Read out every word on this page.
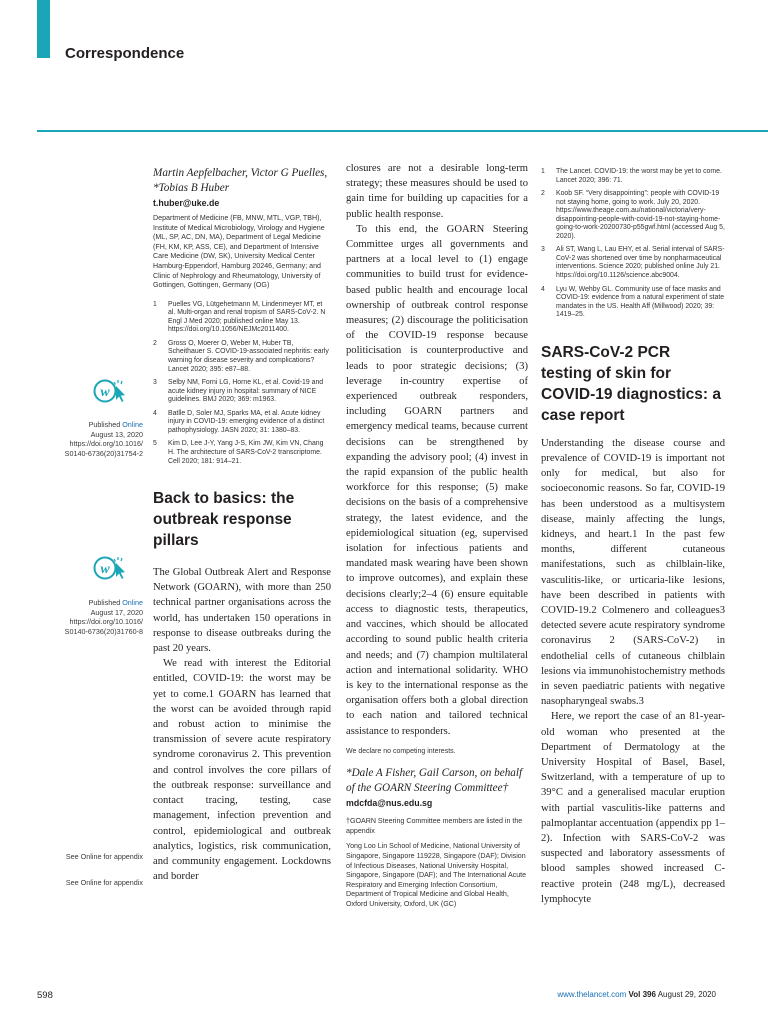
Correspondence
w
Published Online
August 13, 2020
https://doi.org/10.1016/
S0140-6736(20)31754-2
w
Published Online
August 17, 2020
https://doi.org/10.1016/
S0140-6736(20)31760-8
See Online for appendix
See Online for appendix
Martin Aepfelbacher, Victor G Puelles,
*Tobias B Huber
t.huber@uke.de
Department of Medicine (FB, MNW, MTL, VGP, TBH), Institute of Medical Microbiology, Virology and Hygiene (ML, SP, AC, DN, MA), Department of Legal Medicine (FH, KM, KP, ASS, CE), and Department of Intensive Care Medicine (DW, SK), University Medical Center Hamburg-Eppendorf, Hamburg 20246, Germany; and Clinic of Nephrology and Rheumatology, University of Gottingen, Gottingen, Germany (OG)
1 Puelles VG, Lütgehetmann M, Lindenmeyer MT, et al. Multi-organ and renal tropism of SARS-CoV-2. N Engl J Med 2020; published online May 13. https://doi.org/10.1056/NEJMc2011400.
2 Gross O, Moerer O, Weber M, Huber TB, Scheithauer S. COVID-19-associated nephritis: early warning for disease severity and complications? Lancet 2020; 395: e87–88.
3 Selby NM, Forni LG, Horne KL, et al. Covid-19 and acute kidney injury in hospital: summary of NICE guidelines. BMJ 2020; 369: m1963.
4 Batlle D, Soler MJ, Sparks MA, et al. Acute kidney injury in COVID-19: emerging evidence of a distinct pathophysiology. JASN 2020; 31: 1380–83.
5 Kim D, Lee J-Y, Yang J-S, Kim JW, Kim VN, Chang H. The architecture of SARS-CoV-2 transcriptome. Cell 2020; 181: 914–21.
Back to basics: the outbreak response pillars

The Global Outbreak Alert and Response Network (GOARN), with more than 250 technical partner organisations across the world, has undertaken 150 operations in response to disease outbreaks during the past 20 years.

We read with interest the Editorial entitled, COVID-19: the worst may be yet to come.1 GOARN has learned that the worst can be avoided through rapid and robust action to minimise the transmission of severe acute respiratory syndrome coronavirus 2. This prevention and control involves the core pillars of the outbreak response: surveillance and contact tracing, testing, case management, infection prevention and control, epidemiological and outbreak analytics, logistics, risk communication, and community engagement. Lockdowns and border

closures are not a desirable long-term strategy; these measures should be used to gain time for building up capacities for a public health response.

To this end, the GOARN Steering Committee urges all governments and partners at a local level to (1) engage communities to build trust for evidence-based public health and encourage local ownership of outbreak control response measures; (2) discourage the politicisation of the COVID-19 response because politicisation is counterproductive and leads to poor strategic decisions; (3) leverage in-country expertise of experienced outbreak responders, including GOARN partners and emergency medical teams, because current decisions can be strengthened by expanding the advisory pool; (4) invest in the rapid expansion of the public health workforce for this response; (5) make decisions on the basis of a comprehensive strategy, the latest evidence, and the epidemiological situation (eg, supervised isolation for infectious patients and mandated mask wearing have been shown to improve outcomes), and explain these decisions clearly;2–4 (6) ensure equitable access to diagnostic tests, therapeutics, and vaccines, which should be allocated according to sound public health criteria and needs; and (7) champion multilateral action and international solidarity. WHO is key to the international response as the organisation offers both a global direction to each nation and tailored technical assistance to responders.

We declare no competing interests.
*Dale A Fisher, Gail Carson, on behalf of the GOARN Steering Committee†
mdcfda@nus.edu.sg
†GOARN Steering Committee members are listed in the appendix
Yong Loo Lin School of Medicine, National University of Singapore, Singapore 119228, Singapore (DAF); Division of Infectious Diseases, National University Hospital, Singapore, Singapore (DAF); and The International Acute Respiratory and Emerging Infection Consortium, Department of Tropical Medicine and Global Health, Oxford University, Oxford, UK (GC)
1 The Lancet. COVID-19: the worst may be yet to come. Lancet 2020; 396: 71.
2 Koob SF. “Very disappointing”: people with COVID-19 not staying home, going to work. July 20, 2020. https://www.theage.com.au/national/victoria/very-disappointing-people-with-covid-19-not-staying-home-going-to-work-20200730-p55gwf.html (accessed Aug 5, 2020).
3 Ali ST, Wang L, Lau EHY, et al. Serial interval of SARS-CoV-2 was shortened over time by nonpharmaceutical interventions. Science 2020; published online July 21. https://doi.org/10.1126/science.abc9004.
4 Lyu W, Wehby GL. Community use of face masks and COVID-19: evidence from a natural experiment of state mandates in the US. Health Aff (Millwood) 2020; 39: 1419–25.
SARS-CoV-2 PCR testing of skin for COVID-19 diagnostics: a case report

Understanding the disease course and prevalence of COVID-19 is important not only for medical, but also for socioeconomic reasons. So far, COVID-19 has been understood as a multisystem disease, mainly affecting the lungs, kidneys, and heart.1 In the past few months, different cutaneous manifestations, such as chilblain-like, vasculitis-like, or urticaria-like lesions, have been described in patients with COVID-19.2 Colmenero and colleagues3 detected severe acute respiratory syndrome coronavirus 2 (SARS-CoV-2) in endothelial cells of cutaneous chilblain lesions via immunohistochemistry methods in seven paediatric patients with negative nasopharyngeal swabs.3

Here, we report the case of an 81-year-old woman who presented at the Department of Dermatology at the University Hospital of Basel, Basel, Switzerland, with a temperature of up to 39°C and a generalised macular eruption with partial vasculitis-like patterns and palmoplantar accentuation (appendix pp 1–2). Infection with SARS-CoV-2 was suspected and laboratory assessments of blood samples showed increased C-reactive protein (248 mg/L), decreased lymphocyte

598	www.thelancet.com Vol 396 August 29, 2020
